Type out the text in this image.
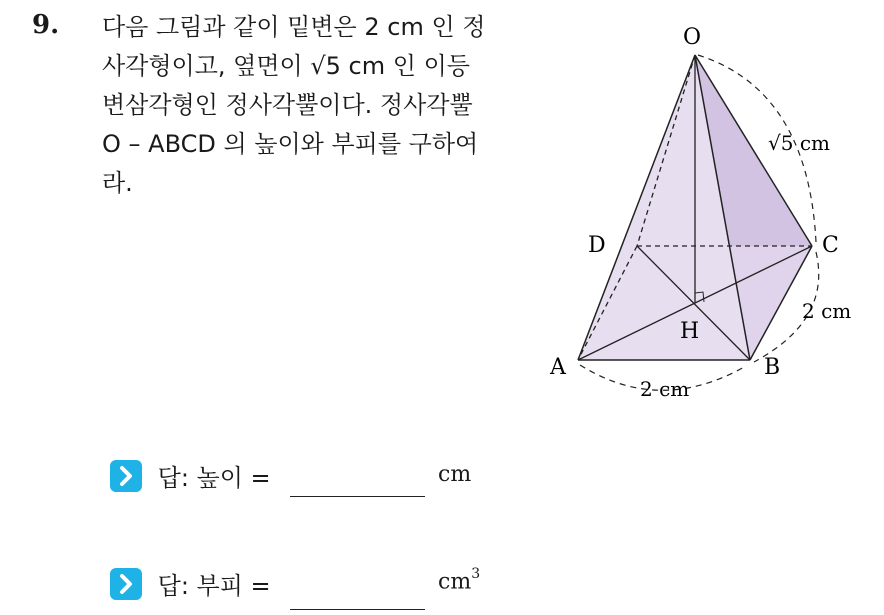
9. 다음 그림과 같이 밑변은 2 cm 인 정
사각형이고, 옆면이 √5 cm 인 이등
변삼각형인 정사각뿔이다. 정사각뿔
O – ABCD 의 높이와 부피를 구하여
라.
O
A	B
C
D
H
√5 cm
2 cm
2 cm
답: 높이 =	cm
답: 부피 =	$cm^3$
